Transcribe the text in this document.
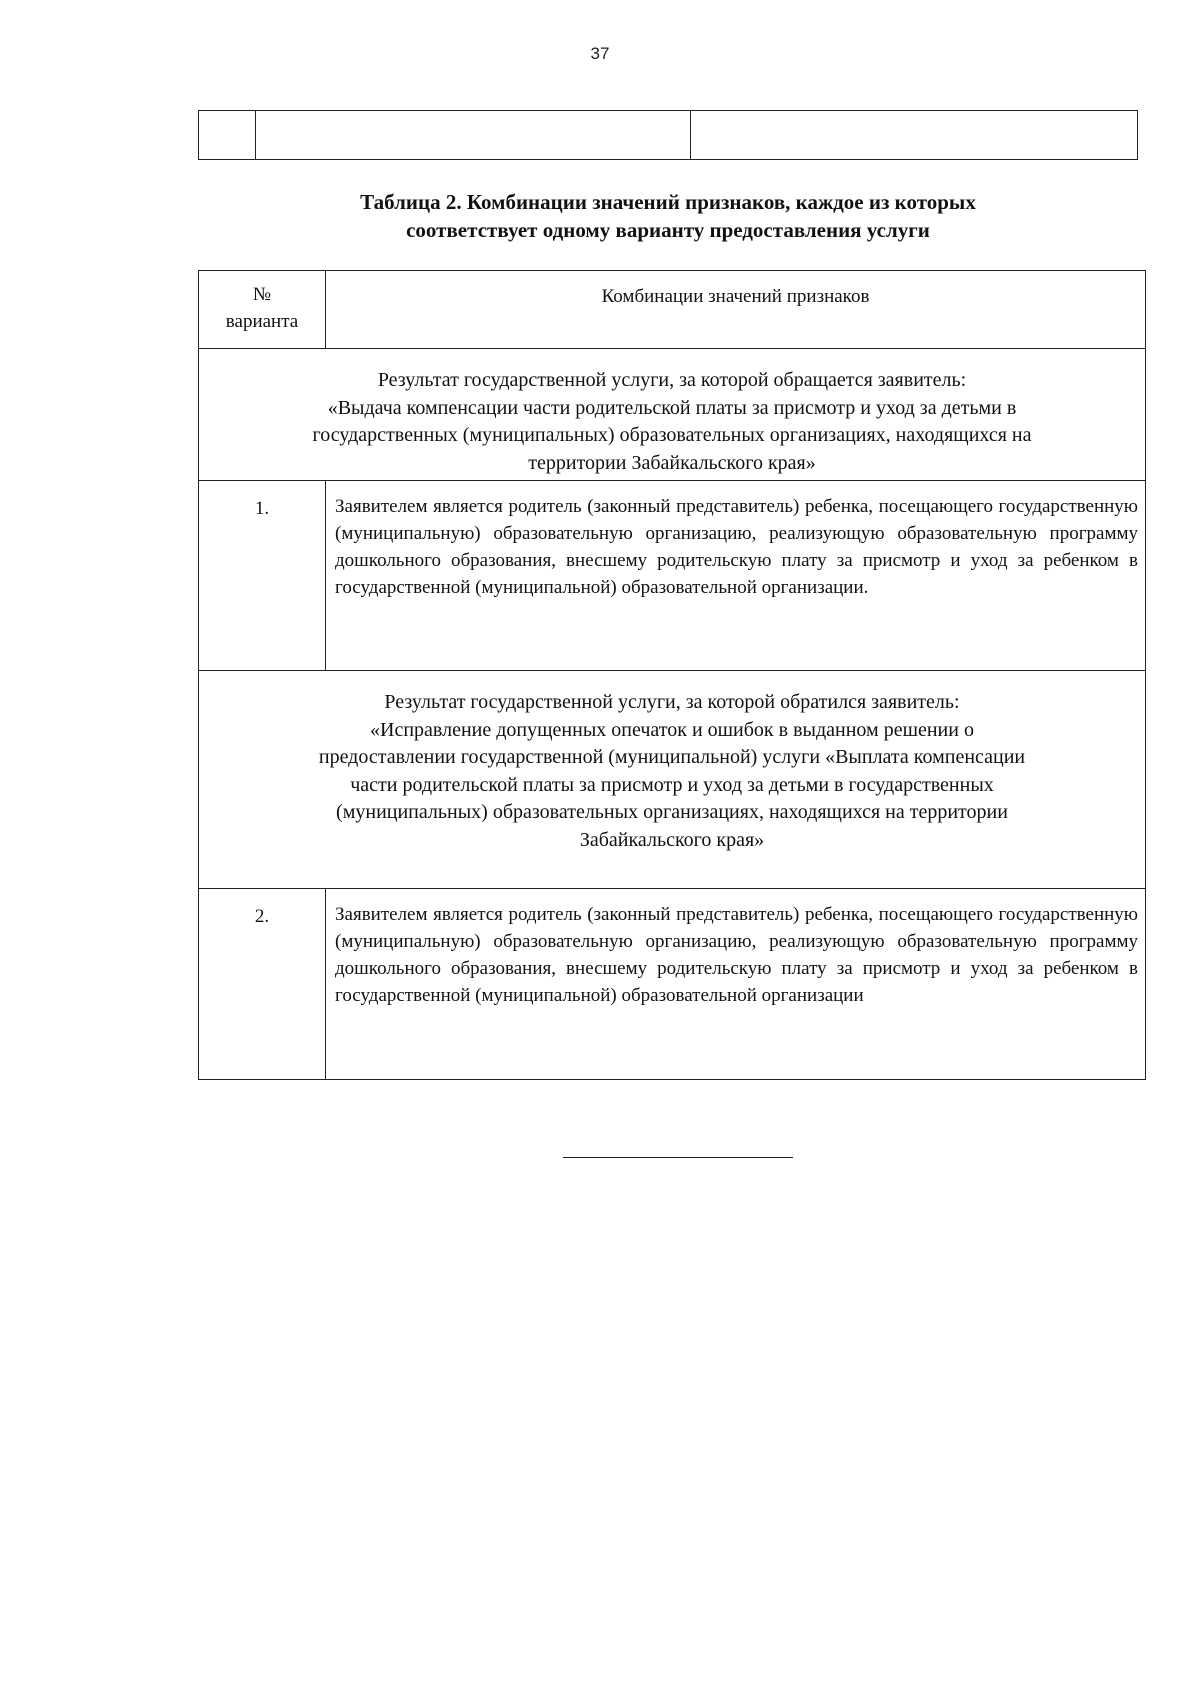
37
Таблица 2. Комбинации значений признаков, каждое из которых
соответствует одному варианту предоставления услуги
№
варианта
Комбинации значений признаков
Результат государственной услуги, за которой обращается заявитель:
«Выдача компенсации части родительской платы за присмотр и уход за детьми в
государственных (муниципальных) образовательных организациях, находящихся на
территории Забайкальского края»
1.	Заявителем является родитель (законный представитель) ребенка, посещающего государственную (муниципальную) образовательную организацию, реализующую образовательную программу дошкольного образования, внесшему родительскую плату за присмотр и уход за ребенком в государственной (муниципальной) образовательной организации.

Результат государственной услуги, за которой обратился заявитель:
«Исправление допущенных опечаток и ошибок в выданном решении о
предоставлении государственной (муниципальной) услуги «Выплата компенсации
части родительской платы за присмотр и уход за детьми в государственных
(муниципальных) образовательных организациях, находящихся на территории
Забайкальского края»
2.	Заявителем является родитель (законный представитель) ребенка, посещающего государственную (муниципальную) образовательную организацию, реализующую образовательную программу дошкольного образования, внесшему родительскую плату за присмотр и уход за ребенком в государственной (муниципальной) образовательной организации
